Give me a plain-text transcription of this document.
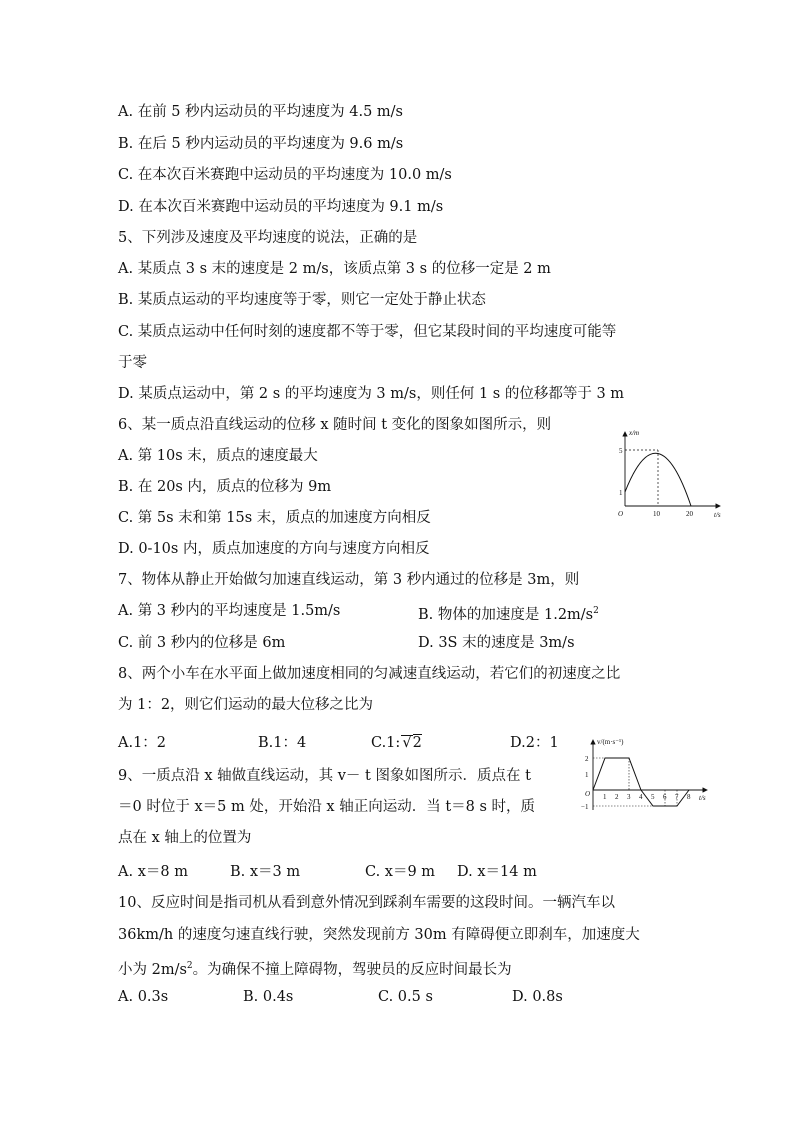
A. 在前 5 秒内运动员的平均速度为 4.5 m/s
B. 在后 5 秒内运动员的平均速度为 9.6 m/s
C. 在本次百米赛跑中运动员的平均速度为 10.0 m/s
D. 在本次百米赛跑中运动员的平均速度为 9.1 m/s
5、下列涉及速度及平均速度的说法，正确的是
A. 某质点 3 s 末的速度是 2 m/s，该质点第 3 s 的位移一定是 2 m
B. 某质点运动的平均速度等于零，则它一定处于静止状态
C. 某质点运动中任何时刻的速度都不等于零，但它某段时间的平均速度可能等
于零
D. 某质点运动中，第 2 s 的平均速度为 3 m/s，则任何 1 s 的位移都等于 3 m
6、某一质点沿直线运动的位移 x 随时间 t 变化的图象如图所示，则
A. 第 10s 末，质点的速度最大
B. 在 20s 内，质点的位移为 9m
C. 第 5s 末和第 15s 末，质点的加速度方向相反
D. 0-10s 内，质点加速度的方向与速度方向相反
x/m
t/s
O
5
1
10	20
7、物体从静止开始做匀加速直线运动，第 3 秒内通过的位移是 3m，则
A. 第 3 秒内的平均速度是 1.5m/s	B. 物体的加速度是 $1.2m/s^2$
C. 前 3 秒内的位移是 6m	D. 3S 末的速度是 3m/s
8、两个小车在水平面上做加速度相同的匀减速直线运动，若它们的初速度之比
为 1：2，则它们运动的最大位移之比为
A.1：2	B.1：4	C.1: √2	D.2：1
9、一质点沿 x 轴做直线运动，其 v－ t 图象如图所示．质点在 t
＝0 时位于 x＝5 m 处，开始沿 x 轴正向运动．当 t＝8 s 时，质
点在 x 轴上的位置为
A. x＝8 m	B. x＝3 m	C. x＝9 m D. x＝14 m
v/(m·s⁻¹)
t/s
O
2
1
−1
1 2 3 4 5 6 7 8
10、反应时间是指司机从看到意外情况到踩刹车需要的这段时间。一辆汽车以
36km/h 的速度匀速直线行驶，突然发现前方 30m 有障碍便立即刹车，加速度大
小为 $2m/s^2$。为确保不撞上障碍物，驾驶员的反应时间最长为
A. 0.3s	B. 0.4s	C. 0.5 s	D. 0.8s
